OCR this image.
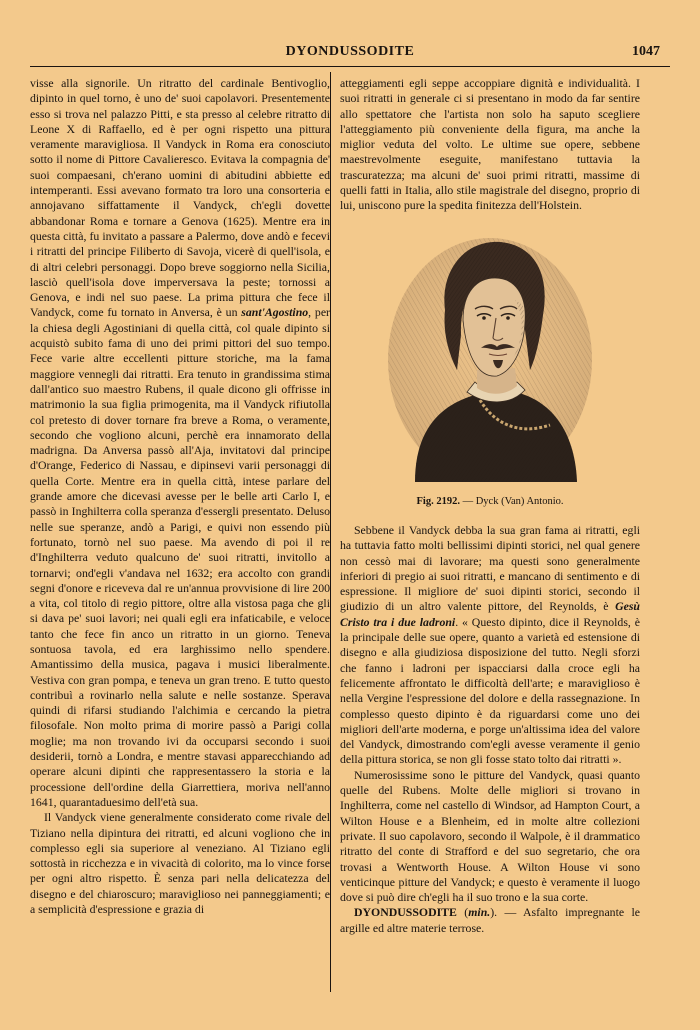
DYONDUSSODITE	1047

visse alla signorile. Un ritratto del cardinale Bentivoglio, dipinto in quel torno, è uno de' suoi capolavori. Presentemente esso si trova nel palazzo Pitti, e sta presso al celebre ritratto di Leone X di Raffaello, ed è per ogni rispetto una pittura veramente maravigliosa. Il Vandyck in Roma era conosciuto sotto il nome di Pittore Cavalieresco. Evitava la compagnia de' suoi compaesani, ch'erano uomini di abitudini abbiette ed intemperanti. Essi avevano formato tra loro una consorteria e annojavano siffattamente il Vandyck, ch'egli dovette abbandonar Roma e tornare a Genova (1625). Mentre era in questa città, fu invitato a passare a Palermo, dove andò e fecevi i ritratti del principe Filiberto di Savoja, vicerè di quell'isola, e di altri celebri personaggi. Dopo breve soggiorno nella Sicilia, lasciò quell'isola dove imperversava la peste; tornossi a Genova, e indi nel suo paese. La prima pittura che fece il Vandyck, come fu tornato in Anversa, è un sant'Agostino, per la chiesa degli Agostiniani di quella città, col quale dipinto si acquistò subito fama di uno dei primi pittori del suo tempo. Fece varie altre eccellenti pitture storiche, ma la fama maggiore vennegli dai ritratti. Era tenuto in grandissima stima dall'antico suo maestro Rubens, il quale dicono gli offrisse in matrimonio la sua figlia primogenita, ma il Vandyck rifiutolla col pretesto di dover tornare fra breve a Roma, o veramente, secondo che vogliono alcuni, perchè era innamorato della madrigna. Da Anversa passò all'Aja, invitatovi dal principe d'Orange, Federico di Nassau, e dipinsevi varii personaggi di quella Corte. Mentre era in quella città, intese parlare del grande amore che dicevasi avesse per le belle arti Carlo I, e passò in Inghilterra colla speranza d'essergli presentato. Deluso nelle sue speranze, andò a Parigi, e quivi non essendo più fortunato, tornò nel suo paese. Ma avendo di poi il re d'Inghilterra veduto qualcuno de' suoi ritratti, invitollo a tornarvi; ond'egli v'andava nel 1632; era accolto con grandi segni d'onore e riceveva dal re un'annua provvisione di lire 200 a vita, col titolo di regio pittore, oltre alla vistosa paga che gli si dava pe' suoi lavori; nei quali egli era infaticabile, e veloce tanto che fece fin anco un ritratto in un giorno. Teneva sontuosa tavola, ed era larghissimo nello spendere. Amantissimo della musica, pagava i musici liberalmente. Vestiva con gran pompa, e teneva un gran treno. E tutto questo contribuì a rovinarlo nella salute e nelle sostanze. Sperava quindi di rifarsi studiando l'alchimia e cercando la pietra filosofale. Non molto prima di morire passò a Parigi colla moglie; ma non trovando ivi da occuparsi secondo i suoi desiderii, tornò a Londra, e mentre stavasi apparecchiando ad operare alcuni dipinti che rappresentassero la storia e la processione dell'ordine della Giarrettiera, moriva nell'anno 1641, quarantaduesimo dell'età sua.

Il Vandyck viene generalmente considerato come rivale del Tiziano nella dipintura dei ritratti, ed alcuni vogliono che in complesso egli sia superiore al veneziano. Al Tiziano egli sottostà in ricchezza e in vivacità di colorito, ma lo vince forse per ogni altro rispetto. È senza pari nella delicatezza del disegno e del chiaroscuro; maraviglioso nei panneggiamenti; e a semplicità d'espressione e grazia di

atteggiamenti egli seppe accoppiare dignità e individualità. I suoi ritratti in generale ci si presentano in modo da far sentire allo spettatore che l'artista non solo ha saputo scegliere l'atteggiamento più conveniente della figura, ma anche la miglior veduta del volto. Le ultime sue opere, sebbene maestrevolmente eseguite, manifestano tuttavia la trascuratezza; ma alcuni de' suoi primi ritratti, massime di quelli fatti in Italia, allo stile magistrale del disegno, proprio di lui, uniscono pure la spedita finitezza dell'Holstein.

Fig. 2192. — Dyck (Van) Antonio.

Sebbene il Vandyck debba la sua gran fama ai ritratti, egli ha tuttavia fatto molti bellissimi dipinti storici, nel qual genere non cessò mai di lavorare; ma questi sono generalmente inferiori di pregio ai suoi ritratti, e mancano di sentimento e di espressione. Il migliore de' suoi dipinti storici, secondo il giudizio di un altro valente pittore, del Reynolds, è Gesù Cristo tra i due ladroni. « Questo dipinto, dice il Reynolds, è la principale delle sue opere, quanto a varietà ed estensione di disegno e alla giudiziosa disposizione del tutto. Negli sforzi che fanno i ladroni per ispacciarsi dalla croce egli ha felicemente affrontato le difficoltà dell'arte; e maraviglioso è nella Vergine l'espressione del dolore e della rassegnazione. In complesso questo dipinto è da riguardarsi come uno dei migliori dell'arte moderna, e porge un'altissima idea del valore del Vandyck, dimostrando com'egli avesse veramente il genio della pittura storica, se non gli fosse stato tolto dai ritratti ».

Numerosissime sono le pitture del Vandyck, quasi quanto quelle del Rubens. Molte delle migliori si trovano in Inghilterra, come nel castello di Windsor, ad Hampton Court, a Wilton House e a Blenheim, ed in molte altre collezioni private. Il suo capolavoro, secondo il Walpole, è il drammatico ritratto del conte di Strafford e del suo segretario, che ora trovasi a Wentworth House. A Wilton House vi sono venticinque pitture del Vandyck; e questo è veramente il luogo dove si può dire ch'egli ha il suo trono e la sua corte.

DYONDUSSODITE (min.). — Asfalto impregnante le argille ed altre materie terrose.
